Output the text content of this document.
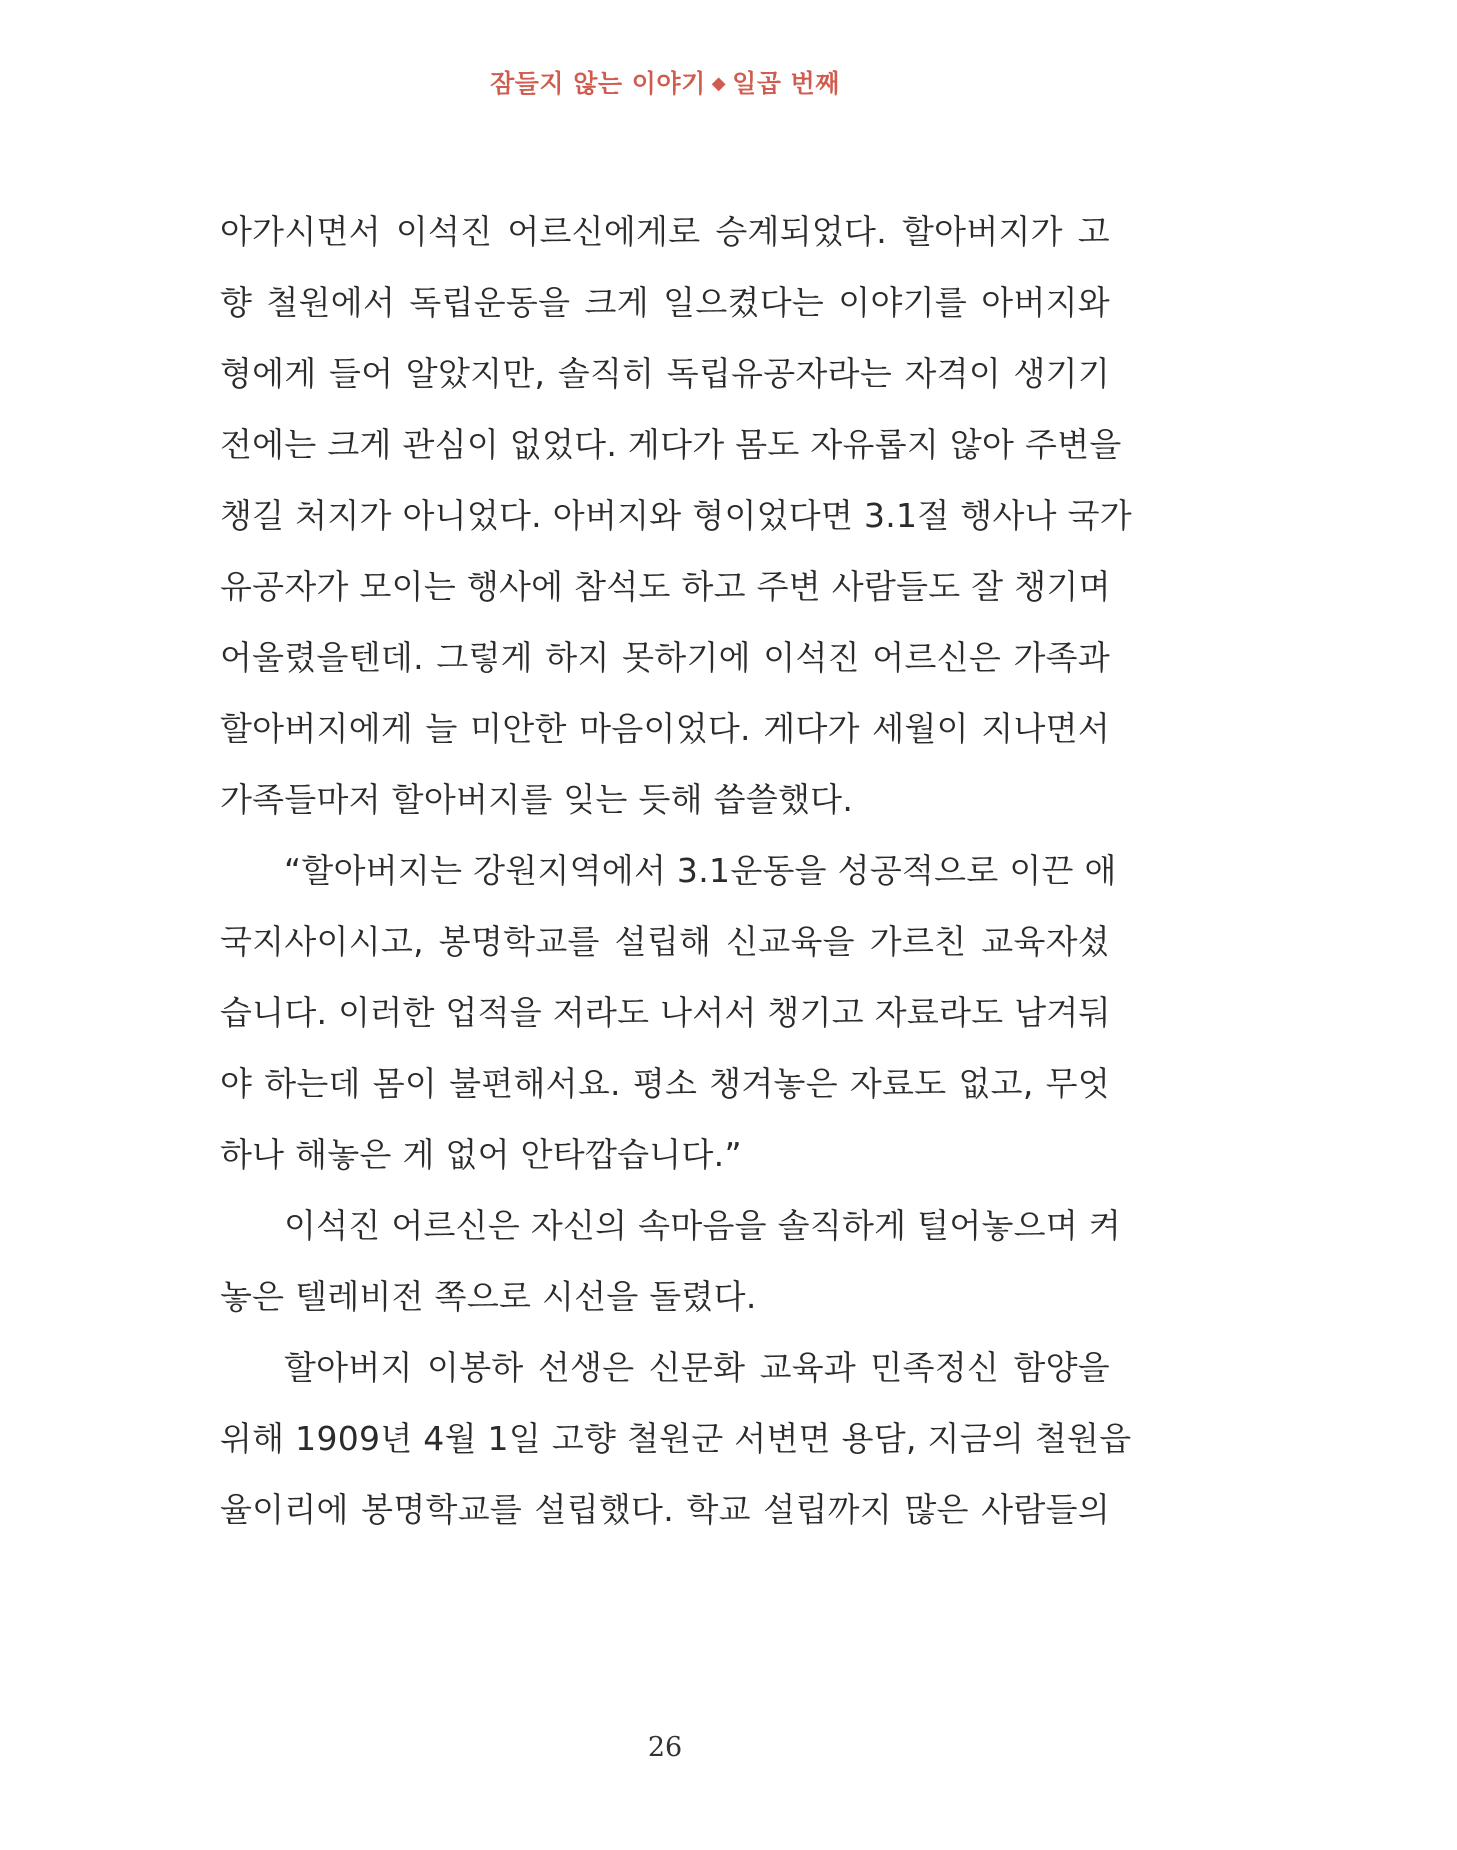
잠들지 않는 이야기 ◆ 일곱 번째
아가시면서 이석진 어르신에게로 승계되었다. 할아버지가 고
향 철원에서 독립운동을 크게 일으켰다는 이야기를 아버지와
형에게 들어 알았지만, 솔직히 독립유공자라는 자격이 생기기
전에는 크게 관심이 없었다. 게다가 몸도 자유롭지 않아 주변을
챙길 처지가 아니었다. 아버지와 형이었다면 3.1절 행사나 국가
유공자가 모이는 행사에 참석도 하고 주변 사람들도 잘 챙기며
어울렸을텐데. 그렇게 하지 못하기에 이석진 어르신은 가족과
할아버지에게 늘 미안한 마음이었다. 게다가 세월이 지나면서
가족들마저 할아버지를 잊는 듯해 씁쓸했다.
“할아버지는 강원지역에서 3.1운동을 성공적으로 이끈 애
국지사이시고, 봉명학교를 설립해 신교육을 가르친 교육자셨
습니다. 이러한 업적을 저라도 나서서 챙기고 자료라도 남겨둬
야 하는데 몸이 불편해서요. 평소 챙겨놓은 자료도 없고, 무엇
하나 해놓은 게 없어 안타깝습니다.”
이석진 어르신은 자신의 속마음을 솔직하게 털어놓으며 켜
놓은 텔레비전 쪽으로 시선을 돌렸다.
할아버지 이봉하 선생은 신문화 교육과 민족정신 함양을
위해 1909년 4월 1일 고향 철원군 서변면 용담, 지금의 철원읍
율이리에 봉명학교를 설립했다. 학교 설립까지 많은 사람들의
26
